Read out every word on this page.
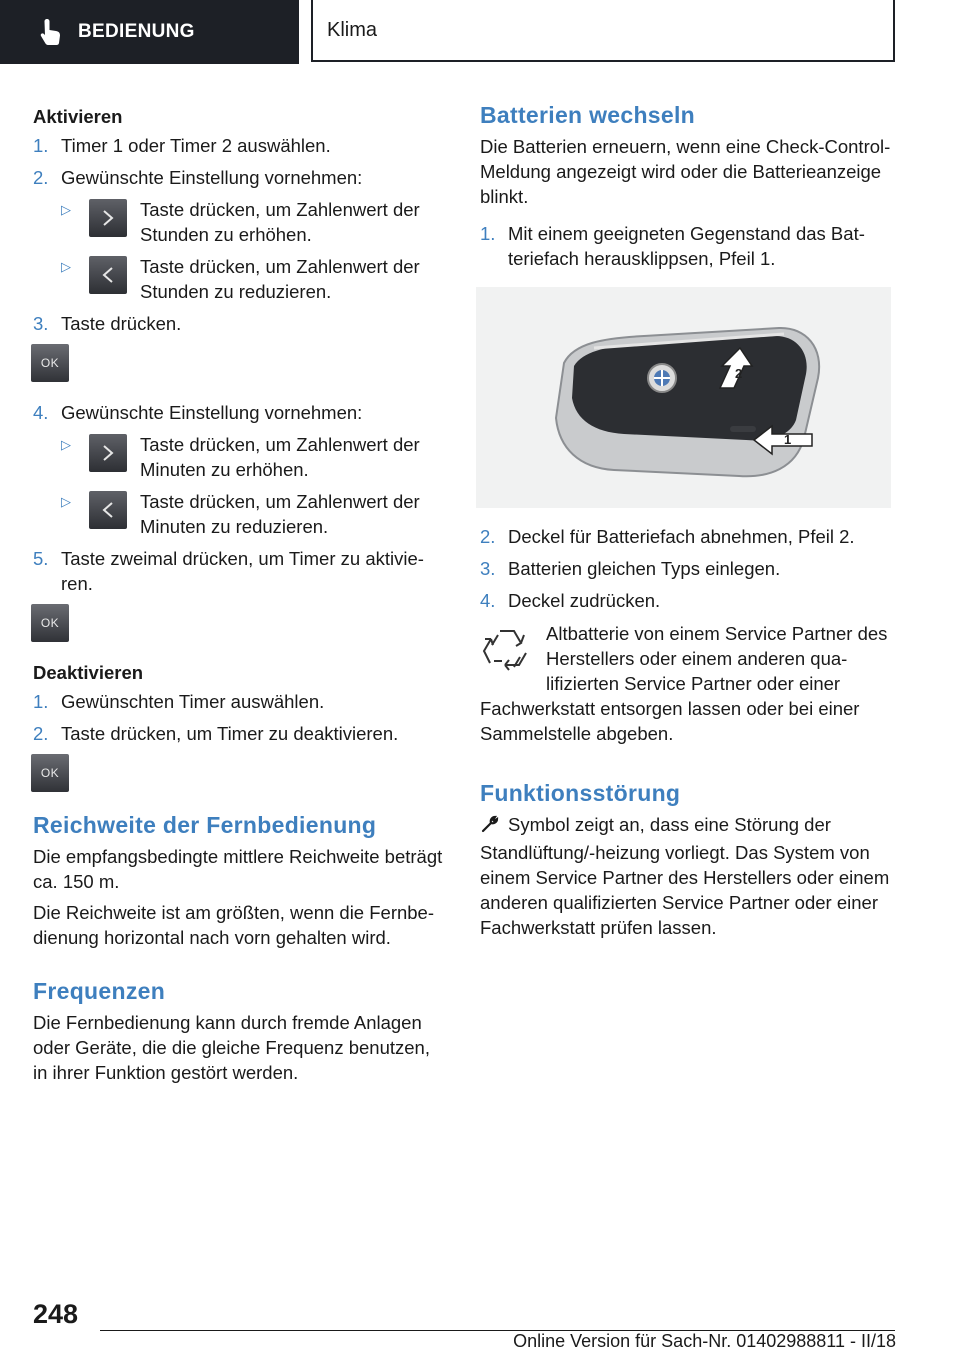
BEDIENUNG	Klima
Aktivieren
1. Timer 1 oder Timer 2 auswählen.
2. Gewünschte Einstellung vornehmen:
▷	Taste drücken, um Zahlenwert der Stunden zu erhöhen.
▷	Taste drücken, um Zahlenwert der Stunden zu reduzieren.
3. Taste drücken.
OK
4. Gewünschte Einstellung vornehmen:
▷	Taste drücken, um Zahlenwert der Minuten zu erhöhen.
▷	Taste drücken, um Zahlenwert der Minuten zu reduzieren.
5. Taste zweimal drücken, um Timer zu aktivieren.
OK
Deaktivieren
1. Gewünschten Timer auswählen.
2. Taste drücken, um Timer zu deaktivieren.
OK
Reichweite der Fernbedienung

Die empfangsbedingte mittlere Reichweite beträgt ca. 150 m.

Die Reichweite ist am größten, wenn die Fernbedienung horizontal nach vorn gehalten wird.

Frequenzen

Die Fernbedienung kann durch fremde Anlagen oder Geräte, die die gleiche Frequenz benutzen, in ihrer Funktion gestört werden.

Batterien wechseln

Die Batterien erneuern, wenn eine Check-Control-Meldung angezeigt wird oder die Batterieanzeige blinkt.

1. Mit einem geeigneten Gegenstand das Batteriefach herausklippsen, Pfeil 1.
2
1
2. Deckel für Batteriefach abnehmen, Pfeil 2.
3. Batterien gleichen Typs einlegen.
4. Deckel zudrücken.

Altbatterie von einem Service Partner des Herstellers oder einem anderen qualifizierten Service Partner oder einer Fachwerkstatt entsorgen lassen oder bei einer Sammelstelle abgeben.

Funktionsstörung

Symbol zeigt an, dass eine Störung der Standlüftung/-heizung vorliegt. Das System von einem Service Partner des Herstellers oder einem anderen qualifizierten Service Partner oder einer Fachwerkstatt prüfen lassen.

248
Online Version für Sach-Nr. 01402988811 - II/18
